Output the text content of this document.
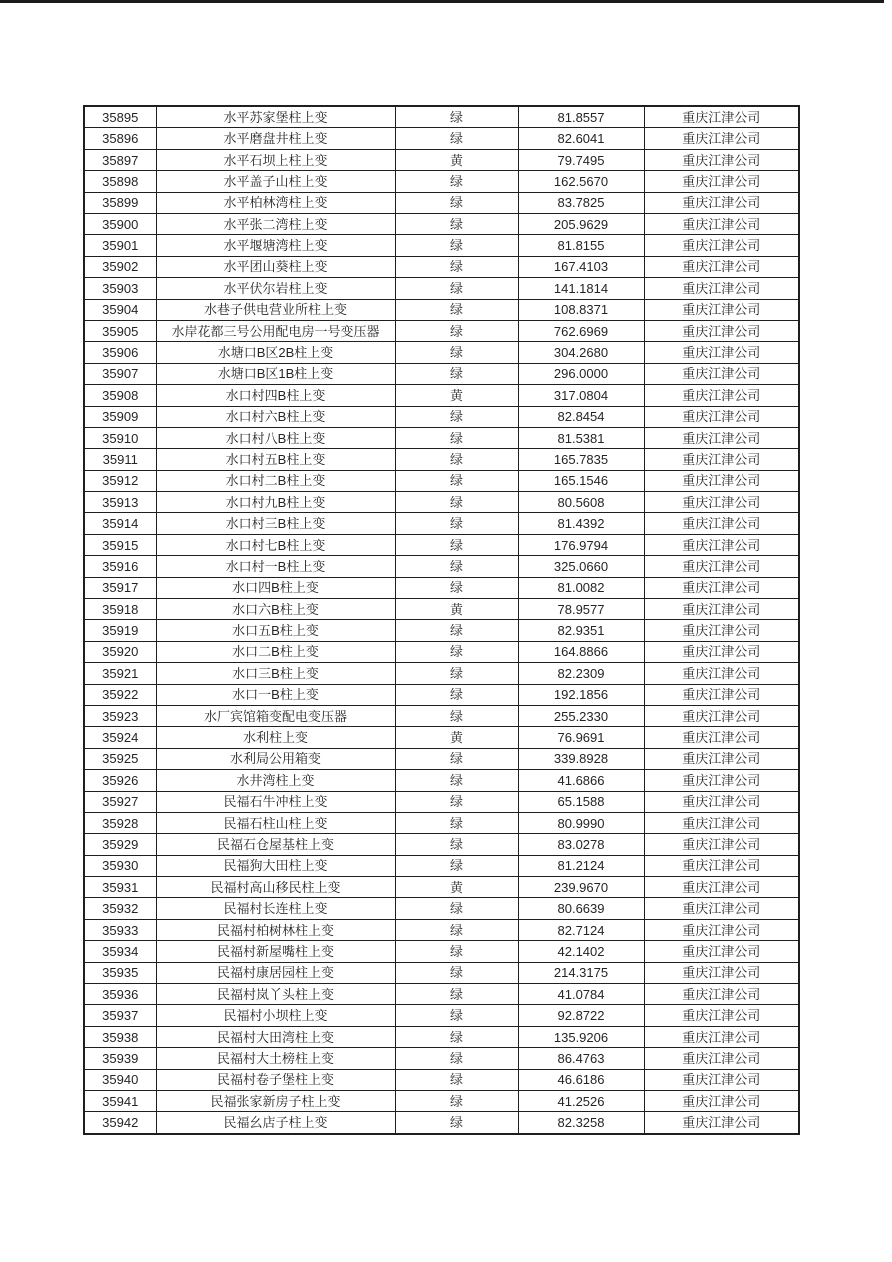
35895	水平苏家堡柱上变	绿	81.8557	重庆江津公司
35896	水平磨盘井柱上变	绿	82.6041	重庆江津公司
35897	水平石坝上柱上变	黄	79.7495	重庆江津公司
35898	水平盖子山柱上变	绿	162.5670	重庆江津公司
35899	水平柏林湾柱上变	绿	83.7825	重庆江津公司
35900	水平张二湾柱上变	绿	205.9629	重庆江津公司
35901	水平堰塘湾柱上变	绿	81.8155	重庆江津公司
35902	水平团山葵柱上变	绿	167.4103	重庆江津公司
35903	水平伏尔岩柱上变	绿	141.1814	重庆江津公司
35904	水巷子供电营业所柱上变	绿	108.8371	重庆江津公司
35905	水岸花都三号公用配电房一号变压器	绿	762.6969	重庆江津公司
35906	水塘口B区2B柱上变	绿	304.2680	重庆江津公司
35907	水塘口B区1B柱上变	绿	296.0000	重庆江津公司
35908	水口村四B柱上变	黄	317.0804	重庆江津公司
35909	水口村六B柱上变	绿	82.8454	重庆江津公司
35910	水口村八B柱上变	绿	81.5381	重庆江津公司
35911	水口村五B柱上变	绿	165.7835	重庆江津公司
35912	水口村二B柱上变	绿	165.1546	重庆江津公司
35913	水口村九B柱上变	绿	80.5608	重庆江津公司
35914	水口村三B柱上变	绿	81.4392	重庆江津公司
35915	水口村七B柱上变	绿	176.9794	重庆江津公司
35916	水口村一B柱上变	绿	325.0660	重庆江津公司
35917	水口四B柱上变	绿	81.0082	重庆江津公司
35918	水口六B柱上变	黄	78.9577	重庆江津公司
35919	水口五B柱上变	绿	82.9351	重庆江津公司
35920	水口二B柱上变	绿	164.8866	重庆江津公司
35921	水口三B柱上变	绿	82.2309	重庆江津公司
35922	水口一B柱上变	绿	192.1856	重庆江津公司
35923	水厂宾馆箱变配电变压器	绿	255.2330	重庆江津公司
35924	水利柱上变	黄	76.9691	重庆江津公司
35925	水利局公用箱变	绿	339.8928	重庆江津公司
35926	水井湾柱上变	绿	41.6866	重庆江津公司
35927	民福石牛冲柱上变	绿	65.1588	重庆江津公司
35928	民福石柱山柱上变	绿	80.9990	重庆江津公司
35929	民福石仓屋基柱上变	绿	83.0278	重庆江津公司
35930	民福狗大田柱上变	绿	81.2124	重庆江津公司
35931	民福村高山移民柱上变	黄	239.9670	重庆江津公司
35932	民福村长连柱上变	绿	80.6639	重庆江津公司
35933	民福村柏树林柱上变	绿	82.7124	重庆江津公司
35934	民福村新屋嘴柱上变	绿	42.1402	重庆江津公司
35935	民福村康居园柱上变	绿	214.3175	重庆江津公司
35936	民福村岚丫头柱上变	绿	41.0784	重庆江津公司
35937	民福村小坝柱上变	绿	92.8722	重庆江津公司
35938	民福村大田湾柱上变	绿	135.9206	重庆江津公司
35939	民福村大土榜柱上变	绿	86.4763	重庆江津公司
35940	民福村卷子堡柱上变	绿	46.6186	重庆江津公司
35941	民福张家新房子柱上变	绿	41.2526	重庆江津公司
35942	民福幺店子柱上变	绿	82.3258	重庆江津公司
